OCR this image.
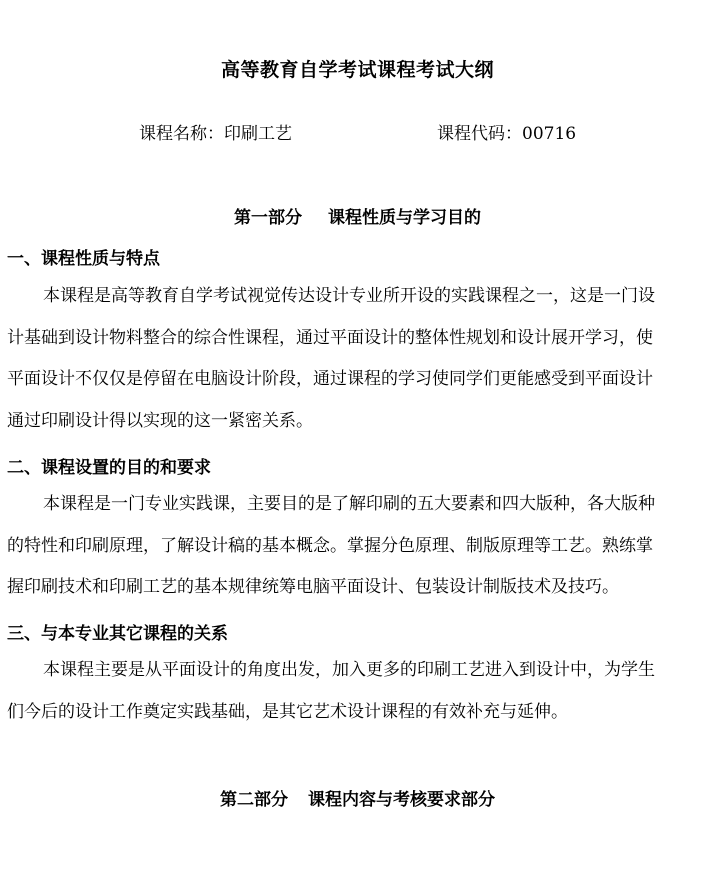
高等教育自学考试课程考试大纲
课程名称：印刷工艺	课程代码：00716
第一部分 课程性质与学习目的
一、课程性质与特点
本课程是高等教育自学考试视觉传达设计专业所开设的实践课程之一，这是一门设
计基础到设计物料整合的综合性课程，通过平面设计的整体性规划和设计展开学习，使
平面设计不仅仅是停留在电脑设计阶段，通过课程的学习使同学们更能感受到平面设计
通过印刷设计得以实现的这一紧密关系。
二、课程设置的目的和要求
本课程是一门专业实践课，主要目的是了解印刷的五大要素和四大版种，各大版种
的特性和印刷原理，了解设计稿的基本概念。掌握分色原理、制版原理等工艺。熟练掌
握印刷技术和印刷工艺的基本规律统筹电脑平面设计、包装设计制版技术及技巧。
三、与本专业其它课程的关系
本课程主要是从平面设计的角度出发，加入更多的印刷工艺进入到设计中，为学生
们今后的设计工作奠定实践基础，是其它艺术设计课程的有效补充与延伸。
第二部分 课程内容与考核要求部分
